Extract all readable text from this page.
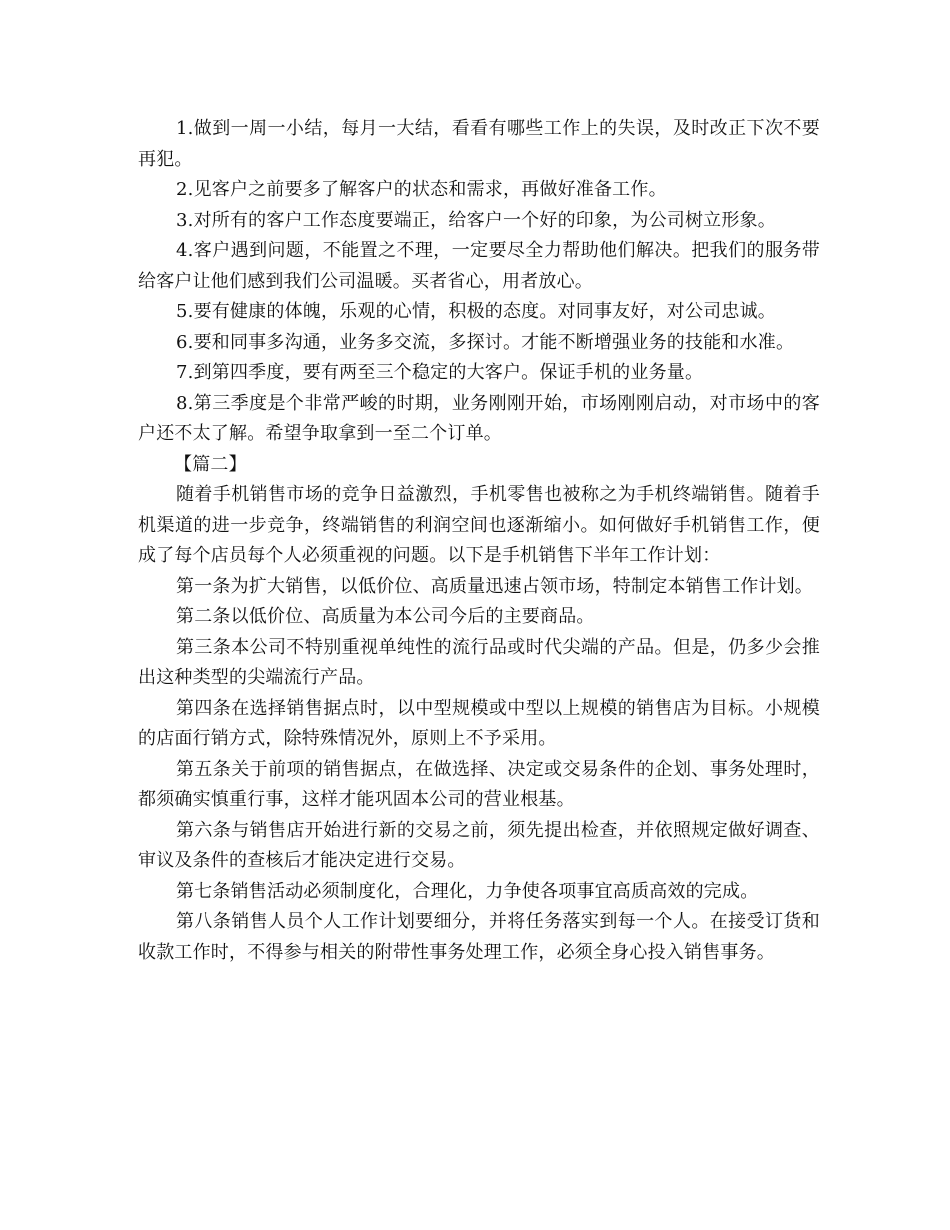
1.做到一周一小结，每月一大结，看看有哪些工作上的失误，及时改正下次不要再犯。

2.见客户之前要多了解客户的状态和需求，再做好准备工作。

3.对所有的客户工作态度要端正，给客户一个好的印象，为公司树立形象。

4.客户遇到问题，不能置之不理，一定要尽全力帮助他们解决。把我们的服务带给客户让他们感到我们公司温暖。买者省心，用者放心。

5.要有健康的体魄，乐观的心情，积极的态度。对同事友好，对公司忠诚。

6.要和同事多沟通，业务多交流，多探讨。才能不断增强业务的技能和水准。

7.到第四季度，要有两至三个稳定的大客户。保证手机的业务量。

8.第三季度是个非常严峻的时期，业务刚刚开始，市场刚刚启动，对市场中的客户还不太了解。希望争取拿到一至二个订单。

【篇二】

随着手机销售市场的竞争日益激烈，手机零售也被称之为手机终端销售。随着手机渠道的进一步竞争，终端销售的利润空间也逐渐缩小。如何做好手机销售工作，便成了每个店员每个人必须重视的问题。以下是手机销售下半年工作计划：

第一条为扩大销售，以低价位、高质量迅速占领市场，特制定本销售工作计划。

第二条以低价位、高质量为本公司今后的主要商品。

第三条本公司不特别重视单纯性的流行品或时代尖端的产品。但是，仍多少会推出这种类型的尖端流行产品。

第四条在选择销售据点时，以中型规模或中型以上规模的销售店为目标。小规模的店面行销方式，除特殊情况外，原则上不予采用。

第五条关于前项的销售据点，在做选择、决定或交易条件的企划、事务处理时，都须确实慎重行事，这样才能巩固本公司的营业根基。

第六条与销售店开始进行新的交易之前，须先提出检查，并依照规定做好调查、审议及条件的查核后才能决定进行交易。

第七条销售活动必须制度化，合理化，力争使各项事宜高质高效的完成。

第八条销售人员个人工作计划要细分，并将任务落实到每一个人。在接受订货和收款工作时，不得参与相关的附带性事务处理工作，必须全身心投入销售事务。
